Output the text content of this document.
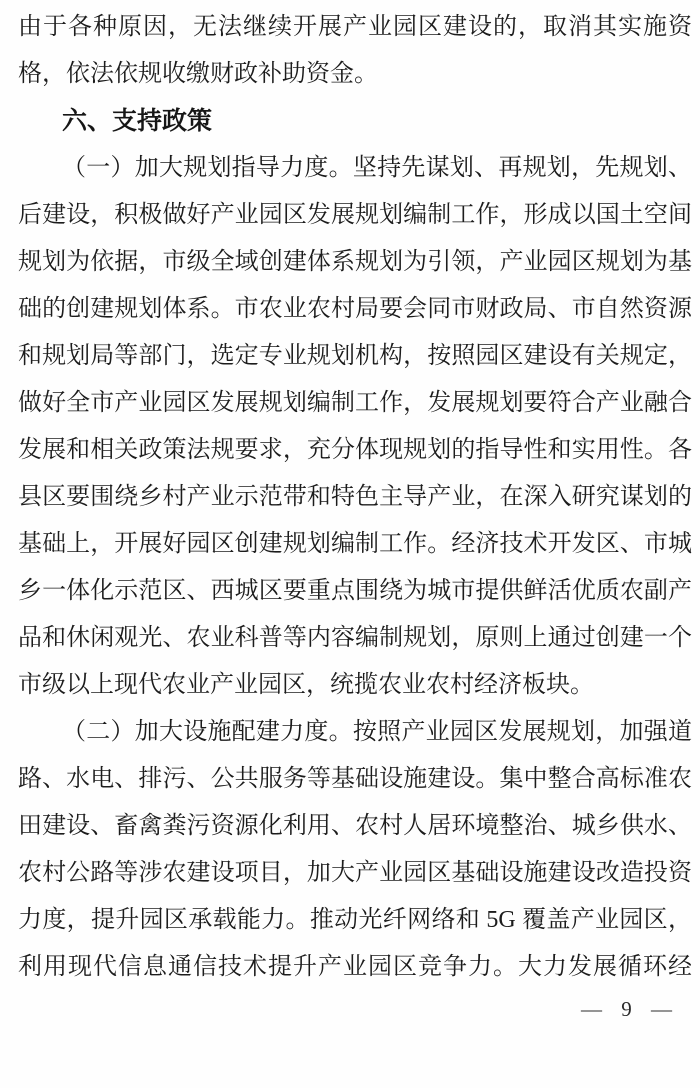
由于各种原因，无法继续开展产业园区建设的，取消其实施资
格，依法依规收缴财政补助资金。
六、支持政策
（一）加大规划指导力度。坚持先谋划、再规划，先规划、
后建设，积极做好产业园区发展规划编制工作，形成以国土空间
规划为依据，市级全域创建体系规划为引领，产业园区规划为基
础的创建规划体系。市农业农村局要会同市财政局、市自然资源
和规划局等部门，选定专业规划机构，按照园区建设有关规定，
做好全市产业园区发展规划编制工作，发展规划要符合产业融合
发展和相关政策法规要求，充分体现规划的指导性和实用性。各
县区要围绕乡村产业示范带和特色主导产业，在深入研究谋划的
基础上，开展好园区创建规划编制工作。经济技术开发区、市城
乡一体化示范区、西城区要重点围绕为城市提供鲜活优质农副产
品和休闲观光、农业科普等内容编制规划，原则上通过创建一个
市级以上现代农业产业园区，统揽农业农村经济板块。
（二）加大设施配建力度。按照产业园区发展规划，加强道
路、水电、排污、公共服务等基础设施建设。集中整合高标准农
田建设、畜禽粪污资源化利用、农村人居环境整治、城乡供水、
农村公路等涉农建设项目，加大产业园区基础设施建设改造投资
力度，提升园区承载能力。推动光纤网络和 5G 覆盖产业园区，
利用现代信息通信技术提升产业园区竞争力。大力发展循环经
— 9 —
